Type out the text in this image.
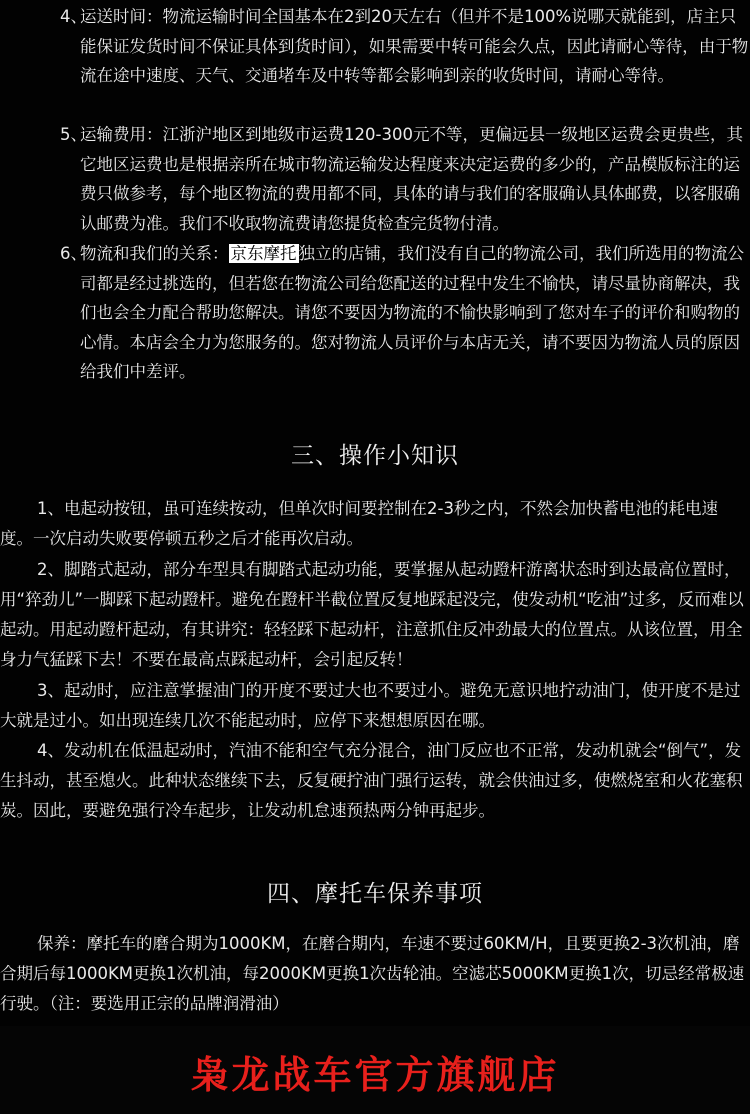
4、
运送时间：物流运输时间全国基本在2到20天左右（但并不是100%说哪天就能到，店主只能保证发货时间不保证具体到货时间），如果需要中转可能会久点，因此请耐心等待，由于物流在途中速度、天气、交通堵车及中转等都会影响到亲的收货时间，请耐心等待。
5、
运输费用：江浙沪地区到地级市运费120-300元不等，更偏远县一级地区运费会更贵些，其它地区运费也是根据亲所在城市物流运输发达程度来决定运费的多少的，产品模版标注的运费只做参考，每个地区物流的费用都不同，具体的请与我们的客服确认具体邮费，以客服确认邮费为准。我们不收取物流费请您提货检查完货物付清。
6、
物流和我们的关系： 京东摩托 独立的店铺，我们没有自己的物流公司，我们所选用的物流公司都是经过挑选的，但若您在物流公司给您配送的过程中发生不愉快，请尽量协商解决，我们也会全力配合帮助您解决。请您不要因为物流的不愉快影响到了您对车子的评价和购物的心情。本店会全力为您服务的。您对物流人员评价与本店无关，请不要因为物流人员的原因给我们中差评。
三、操作小知识
1、电起动按钮，虽可连续按动，但单次时间要控制在2-3秒之内，不然会加快蓄电池的耗电速度。一次启动失败要停顿五秒之后才能再次启动。
2、脚踏式起动，部分车型具有脚踏式起动功能，要掌握从起动蹬杆游离状态时到达最高位置时，用“猝劲儿”一脚踩下起动蹬杆。避免在蹬杆半截位置反复地踩起没完，使发动机“吃油”过多，反而难以起动。用起动蹬杆起动，有其讲究：轻轻踩下起动杆，注意抓住反冲劲最大的位置点。从该位置，用全身力气猛踩下去！不要在最高点踩起动杆，会引起反转！
3、起动时，应注意掌握油门的开度不要过大也不要过小。避免无意识地拧动油门，使开度不是过大就是过小。如出现连续几次不能起动时，应停下来想想原因在哪。
4、发动机在低温起动时，汽油不能和空气充分混合，油门反应也不正常，发动机就会“倒气”，发生抖动，甚至熄火。此种状态继续下去，反复硬拧油门强行运转，就会供油过多，使燃烧室和火花塞积炭。因此，要避免强行冷车起步，让发动机怠速预热两分钟再起步。
四、摩托车保养事项
保养：摩托车的磨合期为1000KM，在磨合期内，车速不要过60KM/H，且要更换2-3次机油，磨合期后每1000KM更换1次机油，每2000KM更换1次齿轮油。空滤芯5000KM更换1次，切忌经常极速行驶。（注：要选用正宗的品牌润滑油）
枭龙战车官方旗舰店
